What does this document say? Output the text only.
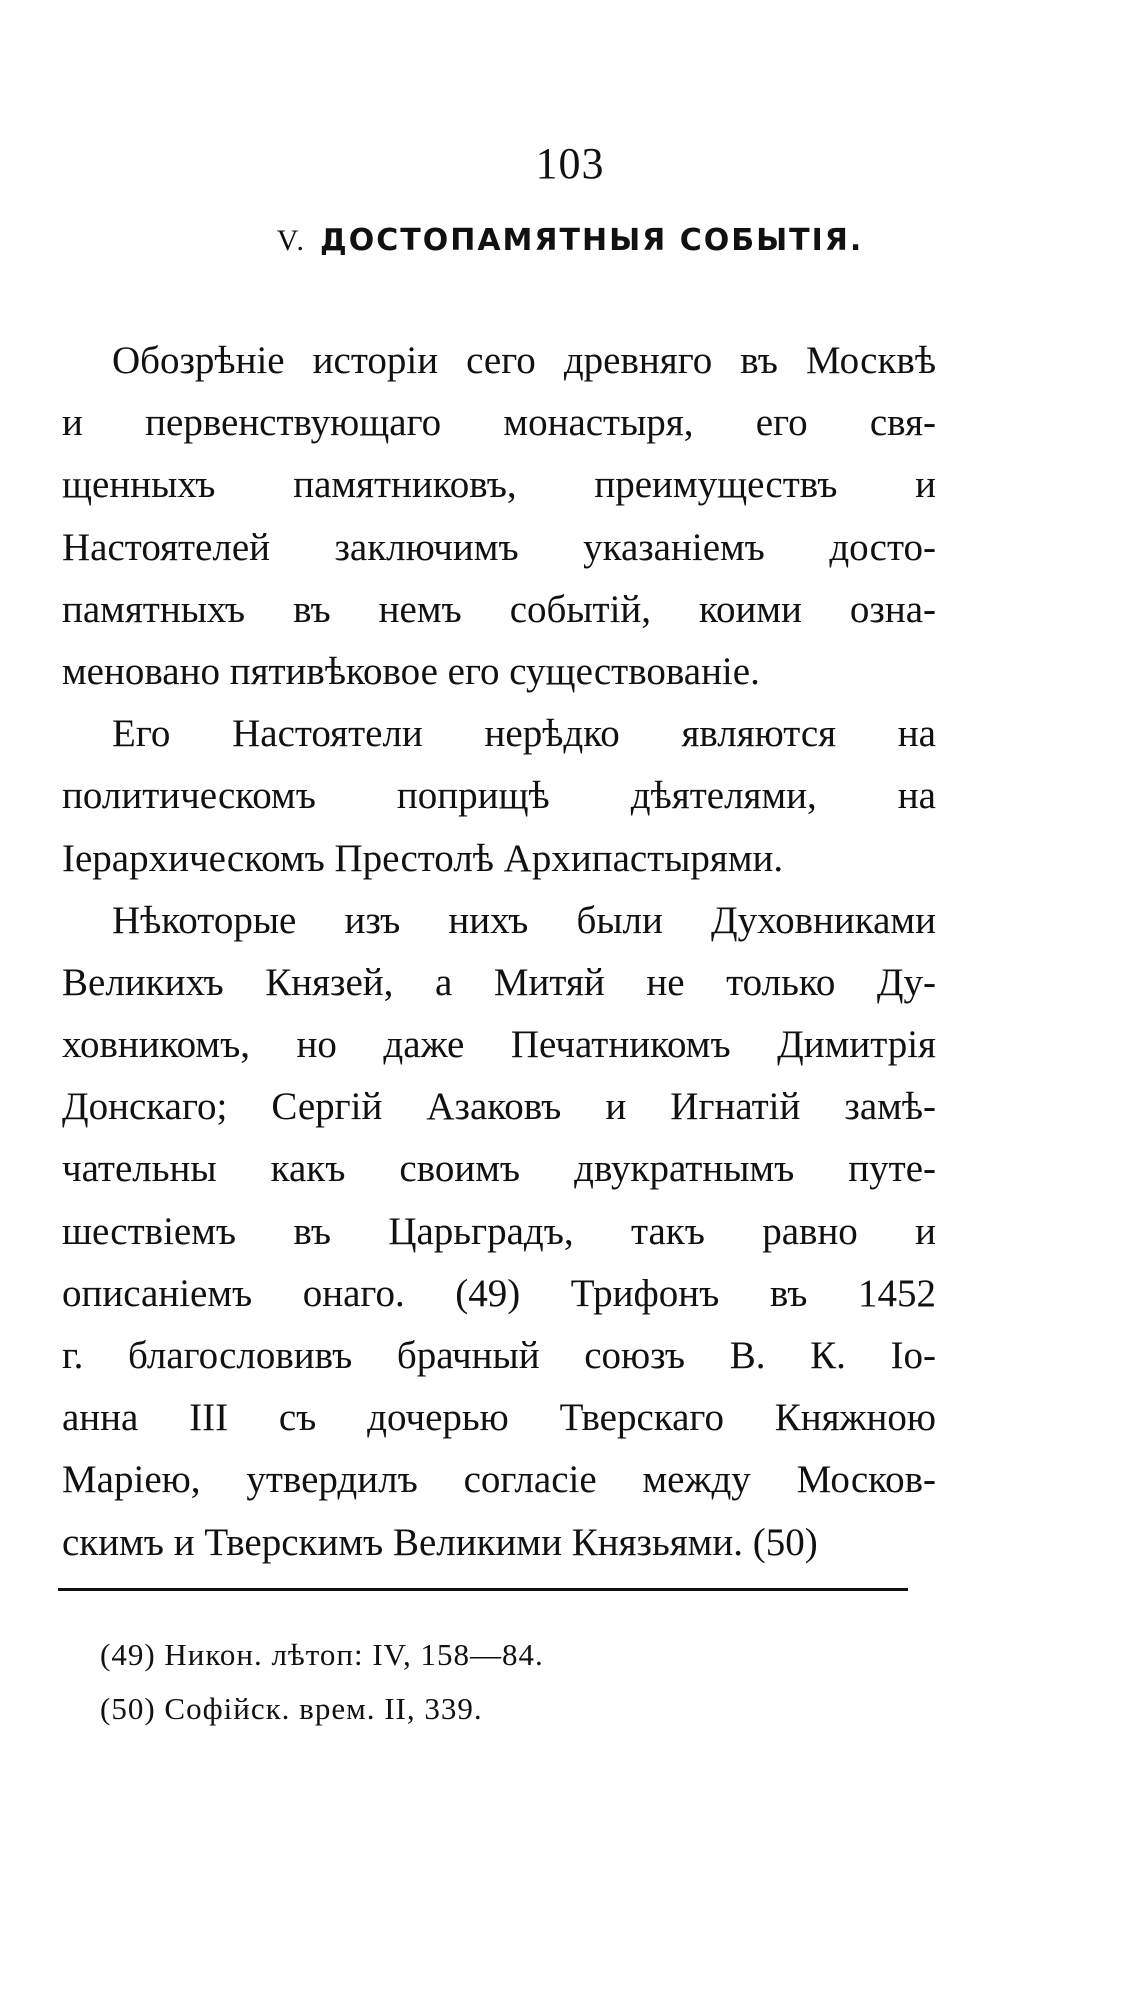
103
V. ДОСТОПАМЯТНЫЯ СОБЫТІЯ.
Обозрѣніе исторіи сего древняго въ Москвѣ
и первенствующаго монастыря, его свя-
щенныхъ памятниковъ, преимуществъ и
Настоятелей заключимъ указаніемъ досто-
памятныхъ въ немъ событій, коими озна-
меновано пятивѣковое его существованіе.
Его Настоятели нерѣдко являются на
политическомъ поприщѣ дѣятелями, на
Іерархическомъ Престолѣ Архипастырями.
Нѣкоторые изъ нихъ были Духовниками
Великихъ Князей, а Митяй не только Ду-
ховникомъ, но даже Печатникомъ Димитрія
Донскаго; Сергій Азаковъ и Игнатій замѣ-
чательны какъ своимъ двукратнымъ путе-
шествіемъ въ Царьградъ, такъ равно и
описаніемъ онаго. (49) Трифонъ въ 1452
г. благословивъ брачный союзъ В. К. Іо-
анна III съ дочерью Тверскаго Княжною
Маріею, утвердилъ согласіе между Москов-
скимъ и Тверскимъ Великими Князьями. (50)
(49) Никон. лѣтоп: IV, 158—84.
(50) Софійск. врем. II, 339.
